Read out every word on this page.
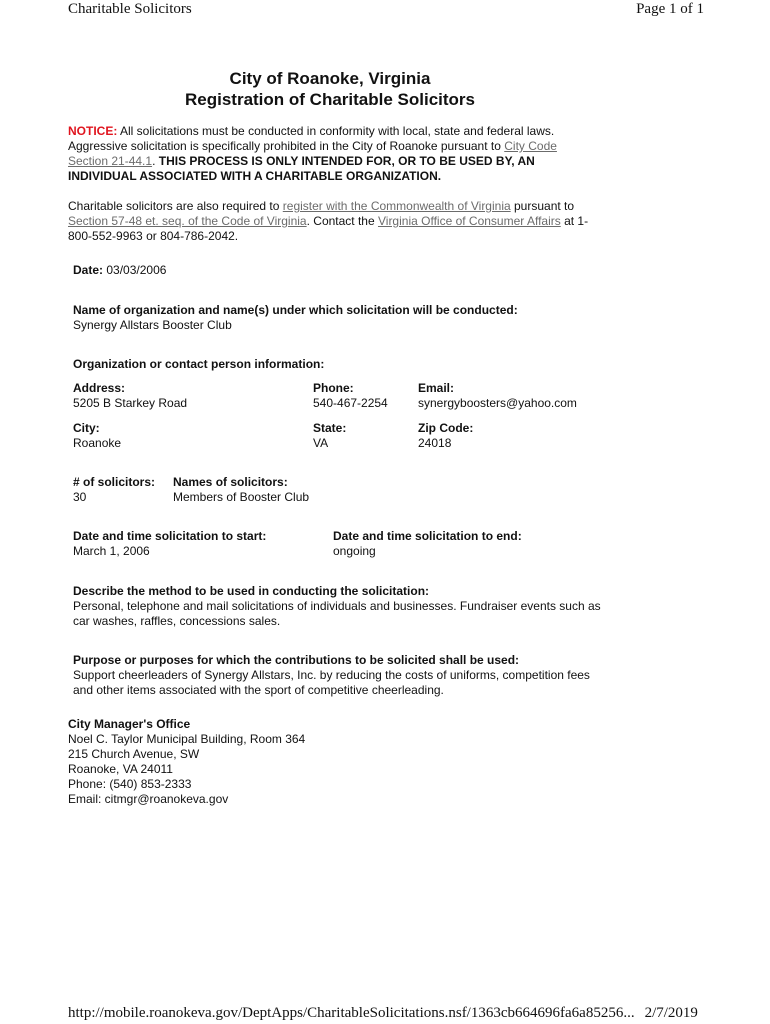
Charitable Solicitors	Page 1 of 1
City of Roanoke, Virginia
Registration of Charitable Solicitors

NOTICE: All solicitations must be conducted in conformity with local, state and federal laws. Aggressive solicitation is specifically prohibited in the City of Roanoke pursuant to City Code Section 21-44.1. THIS PROCESS IS ONLY INTENDED FOR, OR TO BE USED BY, AN INDIVIDUAL ASSOCIATED WITH A CHARITABLE ORGANIZATION.

Charitable solicitors are also required to register with the Commonwealth of Virginia pursuant to Section 57-48 et. seq. of the Code of Virginia. Contact the Virginia Office of Consumer Affairs at 1-800-552-9963 or 804-786-2042.

Date: 03/03/2006
Name of organization and name(s) under which solicitation will be conducted:
Synergy Allstars Booster Club
Organization or contact person information:
Address:
5205 B Starkey Road
Phone:
540-467-2254
Email:
synergyboosters@yahoo.com
City:
Roanoke
State:
VA
Zip Code:
24018
# of solicitors:
30
Names of solicitors:
Members of Booster Club
Date and time solicitation to start:
March 1, 2006
Date and time solicitation to end:
ongoing
Describe the method to be used in conducting the solicitation:
Personal, telephone and mail solicitations of individuals and businesses. Fundraiser events such as car washes, raffles, concessions sales.
Purpose or purposes for which the contributions to be solicited shall be used:
Support cheerleaders of Synergy Allstars, Inc. by reducing the costs of uniforms, competition fees and other items associated with the sport of competitive cheerleading.
City Manager's Office
Noel C. Taylor Municipal Building, Room 364
215 Church Avenue, SW
Roanoke, VA 24011
Phone: (540) 853-2333
Email: citmgr@roanokeva.gov
http://mobile.roanokeva.gov/DeptApps/CharitableSolicitations.nsf/1363cb664696fa6a85256... 2/7/2019
